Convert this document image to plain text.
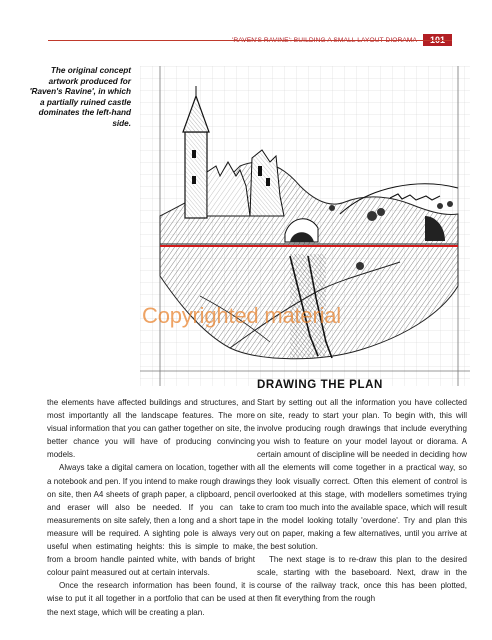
'RAVEN'S RAVINE': BUILDING A SMALL LAYOUT DIORAMA	101
The original concept artwork produced for 'Raven's Ravine', in which a partially ruined castle dominates the left-hand side.
Copyrighted material

the elements have affected buildings and structures, and most importantly all the landscape features. The more visual information that you can gather together on site, the better chance you will have of producing convincing models.

Always take a digital camera on location, together with a notebook and pen. If you intend to make rough drawings on site, then A4 sheets of graph paper, a clipboard, pencil and eraser will also be needed. If you can take measurements on site safely, then a long and a short tape measure will be required. A sighting pole is always very useful when estimating heights: this is simple to make, from a broom handle painted white, with bands of bright colour paint measured out at certain intervals.

Once the research information has been found, it is wise to put it all together in a portfolio that can be used at the next stage, which will be creating a plan.

DRAWING THE PLAN

Start by setting out all the information you have collected on site, ready to start your plan. To begin with, this will involve producing rough drawings that include everything you wish to feature on your model layout or diorama. A certain amount of discipline will be needed in deciding how all the elements will come together in a practical way, so they look visually correct. Often this element of control is overlooked at this stage, with modellers sometimes trying to cram too much into the available space, which will result in the model looking totally 'overdone'. Try and plan this out on paper, making a few alternatives, until you arrive at the best solution.

The next stage is to re-draw this plan to the desired scale, starting with the baseboard. Next, draw in the course of the railway track, once this has been plotted, then fit everything from the rough
